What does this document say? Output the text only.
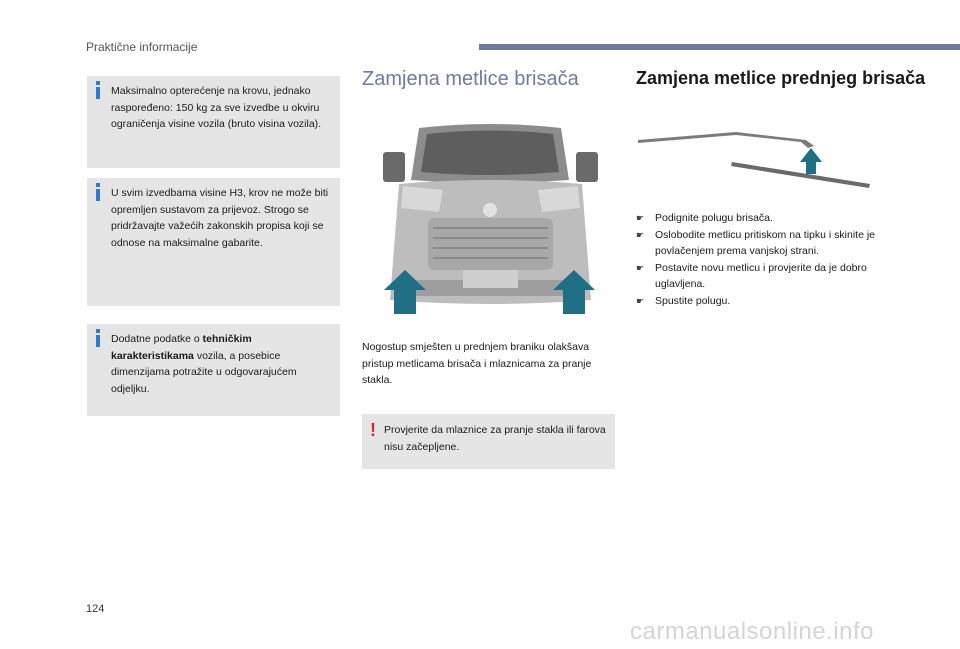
Praktične informacije
Maksimalno opterećenje na krovu, jednako raspoređeno: 150 kg za sve izvedbe u okviru ograničenja visine vozila (bruto visina vozila).
U svim izvedbama visine H3, krov ne može biti opremljen sustavom za prijevoz. Strogo se pridržavajte važećih zakonskih propisa koji se odnose na maksimalne gabarite.
Dodatne podatke o tehničkim karakteristikama vozila, a posebice dimenzijama potražite u odgovarajućem odjeljku.
Zamjena metlice brisača
Nogostup smješten u prednjem braniku olakšava pristup metlicama brisača i mlaznicama za pranje stakla.
! Provjerite da mlaznice za pranje stakla ili farova nisu začepljene.
Zamjena metlice prednjeg brisača
☛ Podignite polugu brisača.
☛ Oslobodite metlicu pritiskom na tipku i skinite je povlačenjem prema vanjskoj strani.
☛ Postavite novu metlicu i provjerite da je dobro uglavljena.
☛ Spustite polugu.
124
carmanualsonline.info
